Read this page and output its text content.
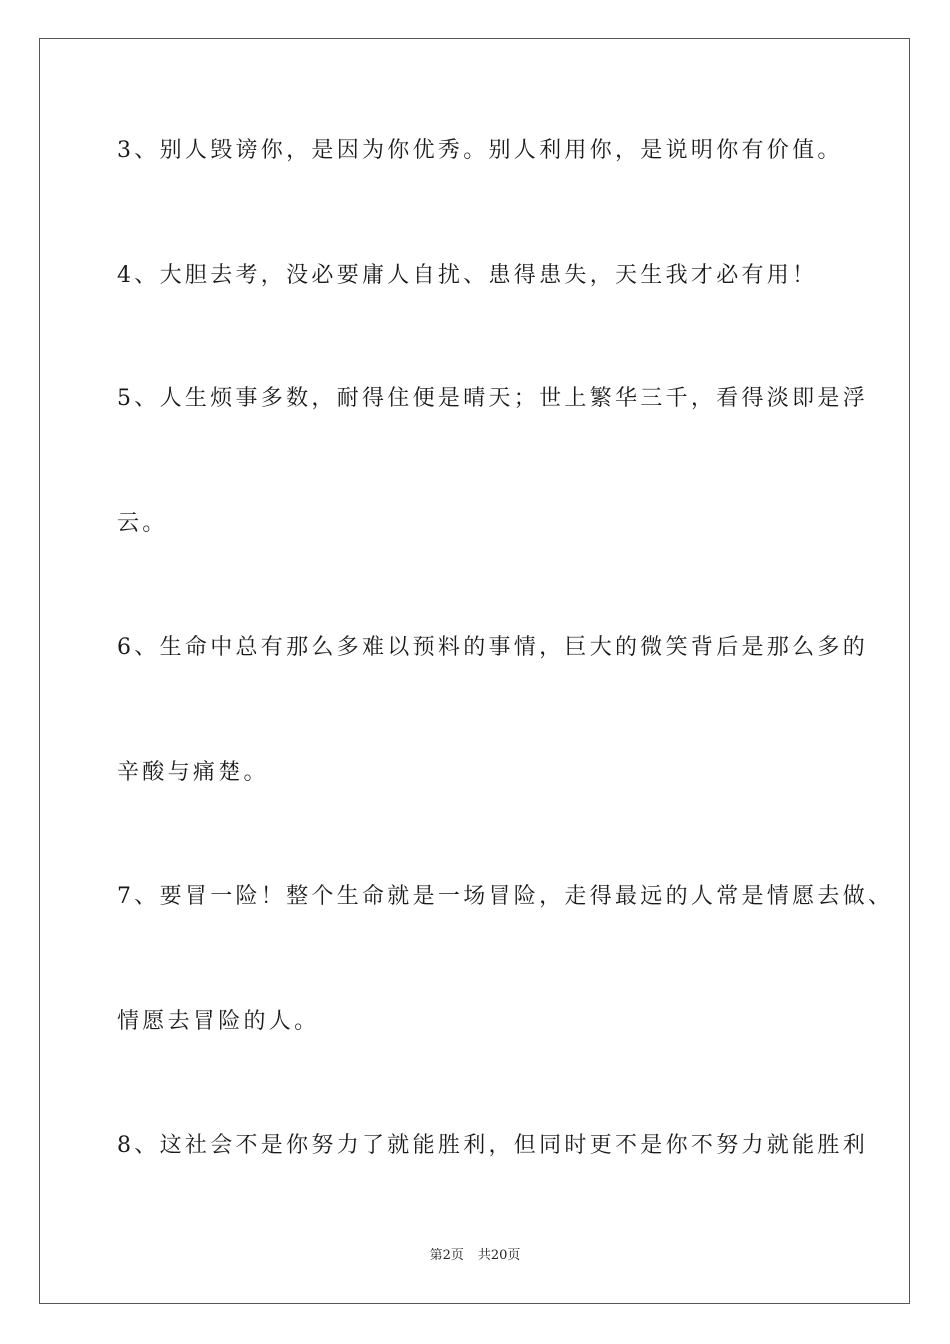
3、别人毁谤你，是因为你优秀。别人利用你，是说明你有价值。
4、大胆去考，没必要庸人自扰、患得患失，天生我才必有用！
5、人生烦事多数，耐得住便是晴天；世上繁华三千，看得淡即是浮
云。
6、生命中总有那么多难以预料的事情，巨大的微笑背后是那么多的
辛酸与痛楚。
7、要冒一险！整个生命就是一场冒险，走得最远的人常是情愿去做、
情愿去冒险的人。
8、这社会不是你努力了就能胜利，但同时更不是你不努力就能胜利
第2页 共20页
